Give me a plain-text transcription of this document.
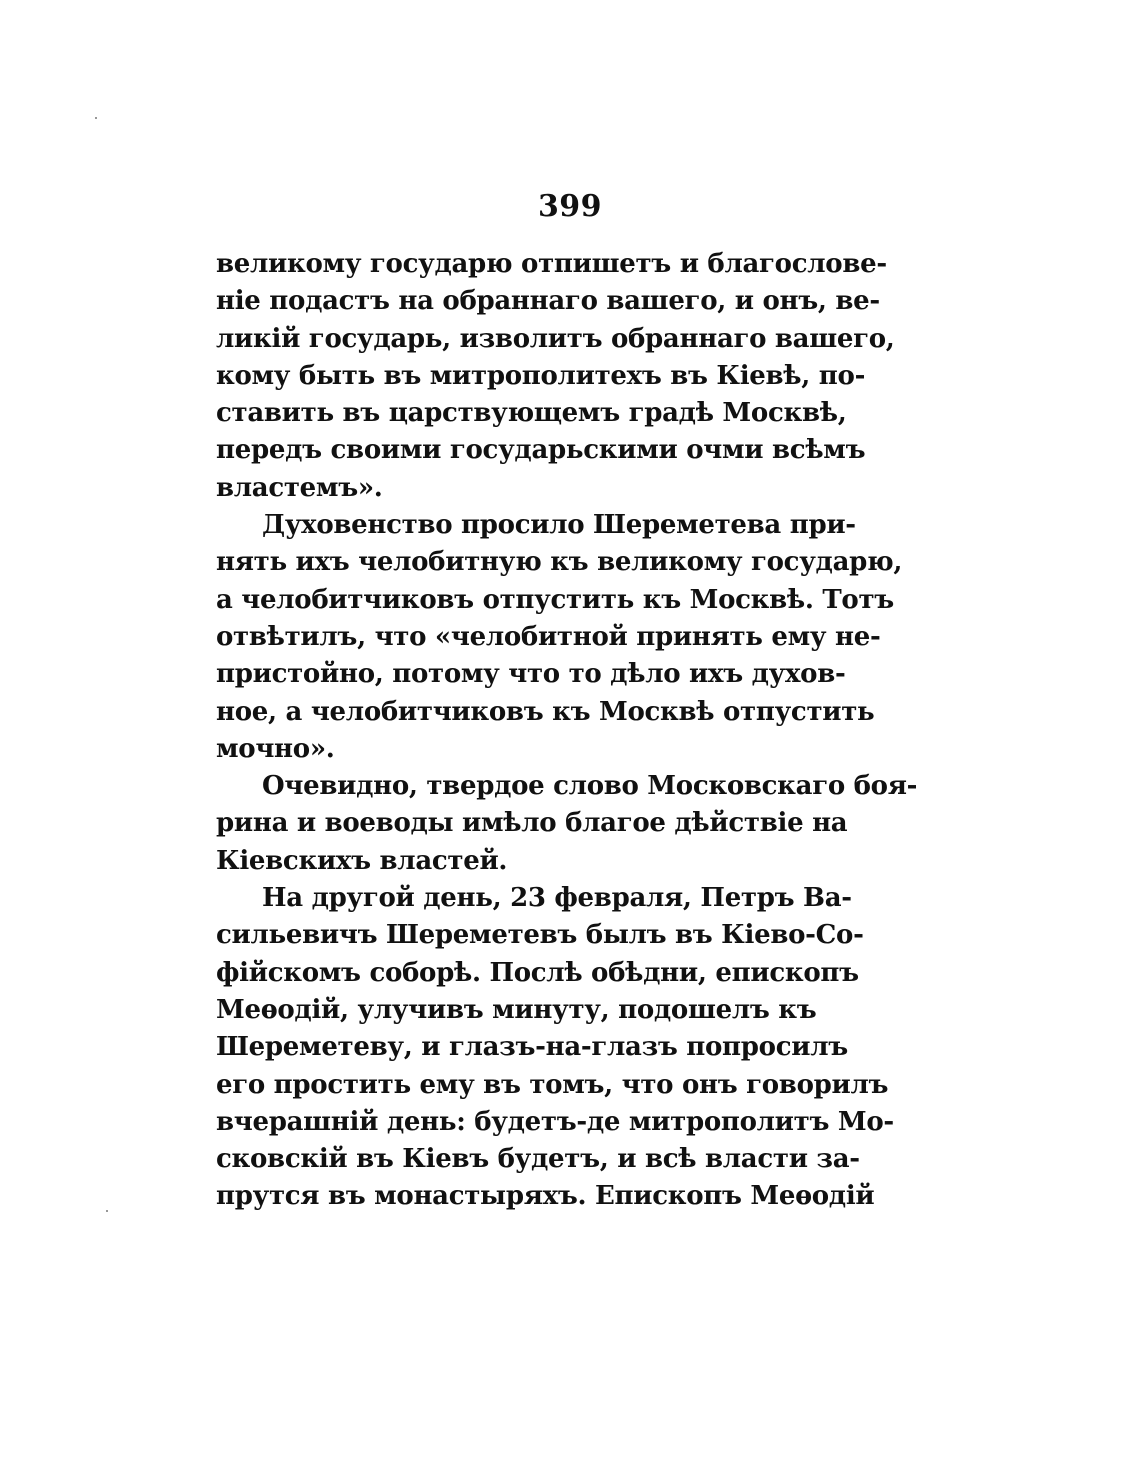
399
великому государю отпишетъ и благослове-
ніе подастъ на обраннаго вашего, и онъ, ве-
ликій государь, изволитъ обраннаго вашего,
кому быть въ митрополитехъ въ Кіевѣ, по-
ставить въ царствующемъ градѣ Москвѣ,
передъ своими государьскими очми всѣмъ
властемъ».
Духовенство просило Шереметева при-
нять ихъ челобитную къ великому государю,
а челобитчиковъ отпустить къ Москвѣ. Тотъ
отвѣтилъ, что «челобитной принять ему не-
пристойно, потому что то дѣло ихъ духов-
ное, а челобитчиковъ къ Москвѣ отпустить
мочно».
Очевидно, твердое слово Московскаго боя-
рина и воеводы имѣло благое дѣйствіе на
Кіевскихъ властей.
На другой день, 23 февраля, Петръ Ва-
сильевичъ Шереметевъ былъ въ Кіево-Со-
фійскомъ соборѣ. Послѣ обѣдни, епископъ
Меѳодій, улучивъ минуту, подошелъ къ
Шереметеву, и глазъ-на-глазъ попросилъ
его простить ему въ томъ, что онъ говорилъ
вчерашній день: будетъ-де митрополитъ Мо-
сковскій въ Кіевъ будетъ, и всѣ власти за-
прутся въ монастыряхъ. Епископъ Меѳодій
